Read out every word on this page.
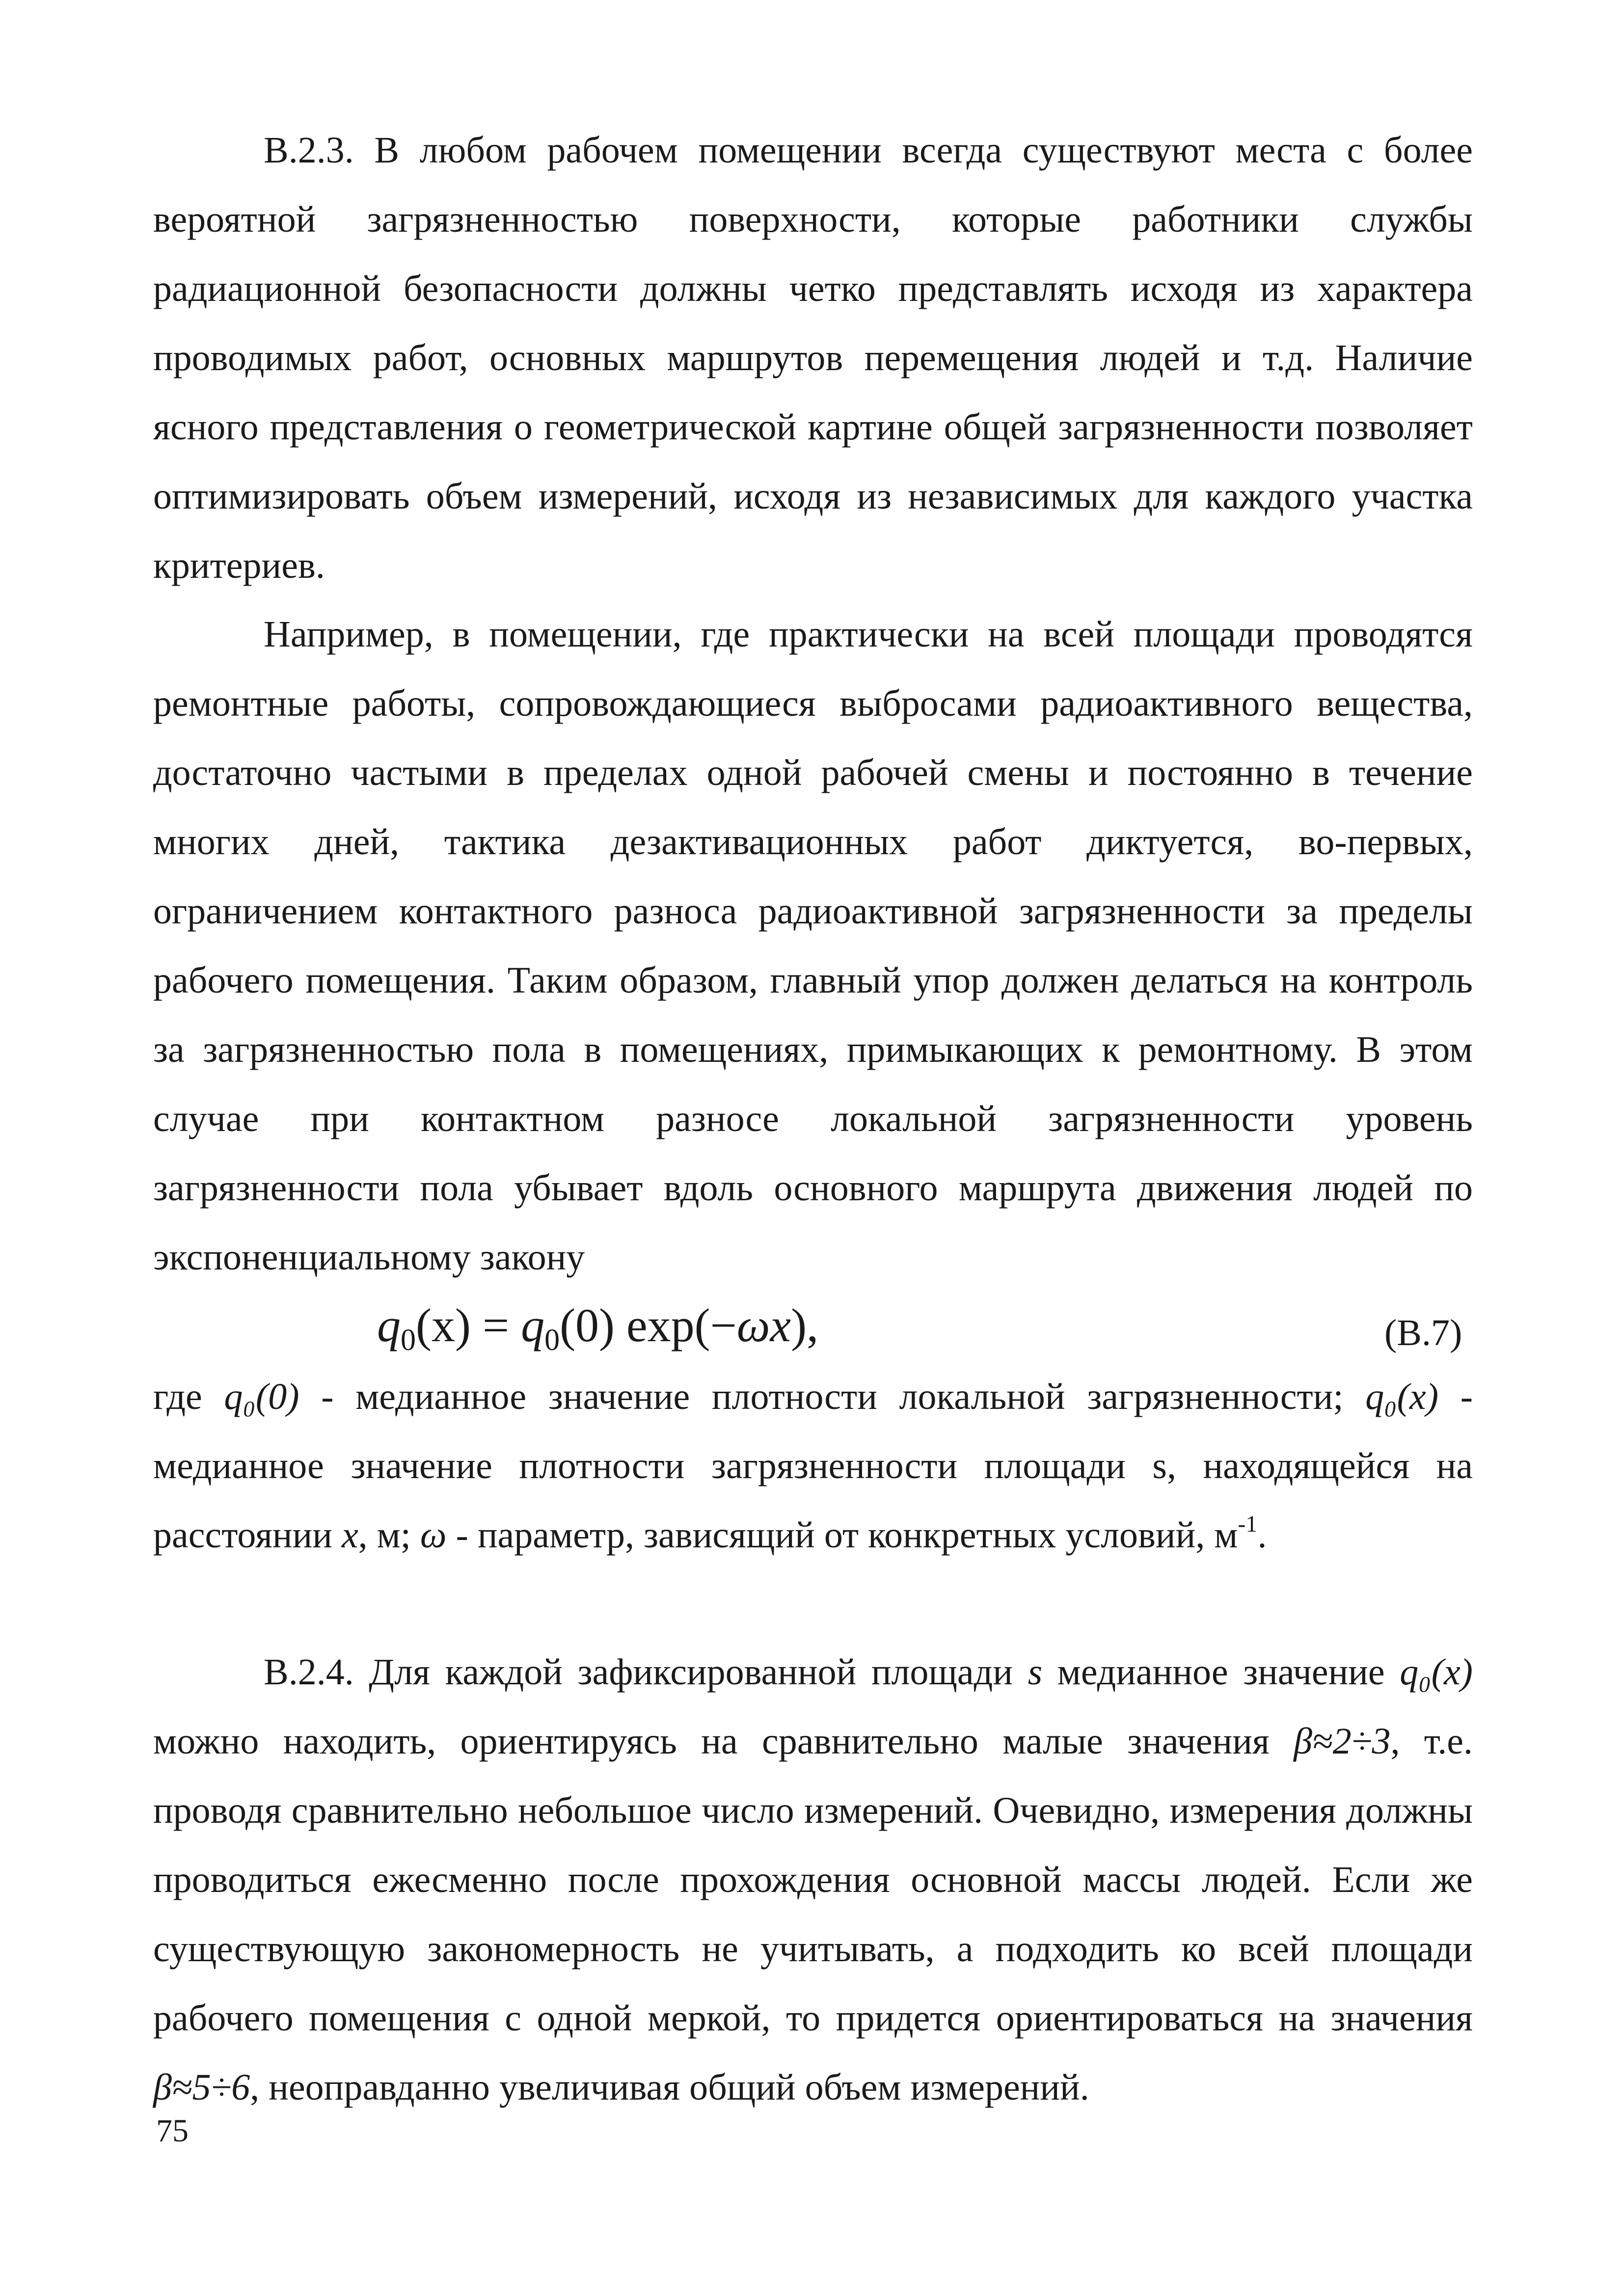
В.2.3. В любом рабочем помещении всегда существуют места с более вероятной загрязненностью поверхности, которые работники службы радиационной безопасности должны четко представлять исходя из характера проводимых работ, основных маршрутов перемещения людей и т.д. Наличие ясного представления о геометрической картине общей загрязненности позволяет оптимизировать объем измерений, исходя из независимых для каждого участка критериев.

Например, в помещении, где практически на всей площади проводятся ремонтные работы, сопровождающиеся выбросами радиоактивного вещества, достаточно частыми в пределах одной рабочей смены и постоянно в течение многих дней, тактика дезактивационных работ диктуется, во-первых, ограничением контактного разноса радиоактивной загрязненности за пределы рабочего помещения. Таким образом, главный упор должен делаться на контроль за загрязненностью пола в помещениях, примыкающих к ремонтному. В этом случае при контактном разносе локальной загрязненности уровень загрязненности пола убывает вдоль основного маршрута движения людей по экспоненциальному закону

$q_0(x) = q_0(0)$ exp(−ωx),	(В.7)

где q₀(0) - медианное значение плотности локальной загрязненности; q₀(x) - медианное значение плотности загрязненности площади s, находящейся на расстоянии x, м; ω - параметр, зависящий от конкретных условий, $м^{-1}$.

В.2.4. Для каждой зафиксированной площади s медианное значение q₀(x) можно находить, ориентируясь на сравнительно малые значения β≈2÷3, т.е. проводя сравнительно небольшое число измерений. Очевидно, измерения должны проводиться ежесменно после прохождения основной массы людей. Если же существующую закономерность не учитывать, а подходить ко всей площади рабочего помещения с одной меркой, то придется ориентироваться на значения β≈5÷6, неоправданно увеличивая общий объем измерений.

75
